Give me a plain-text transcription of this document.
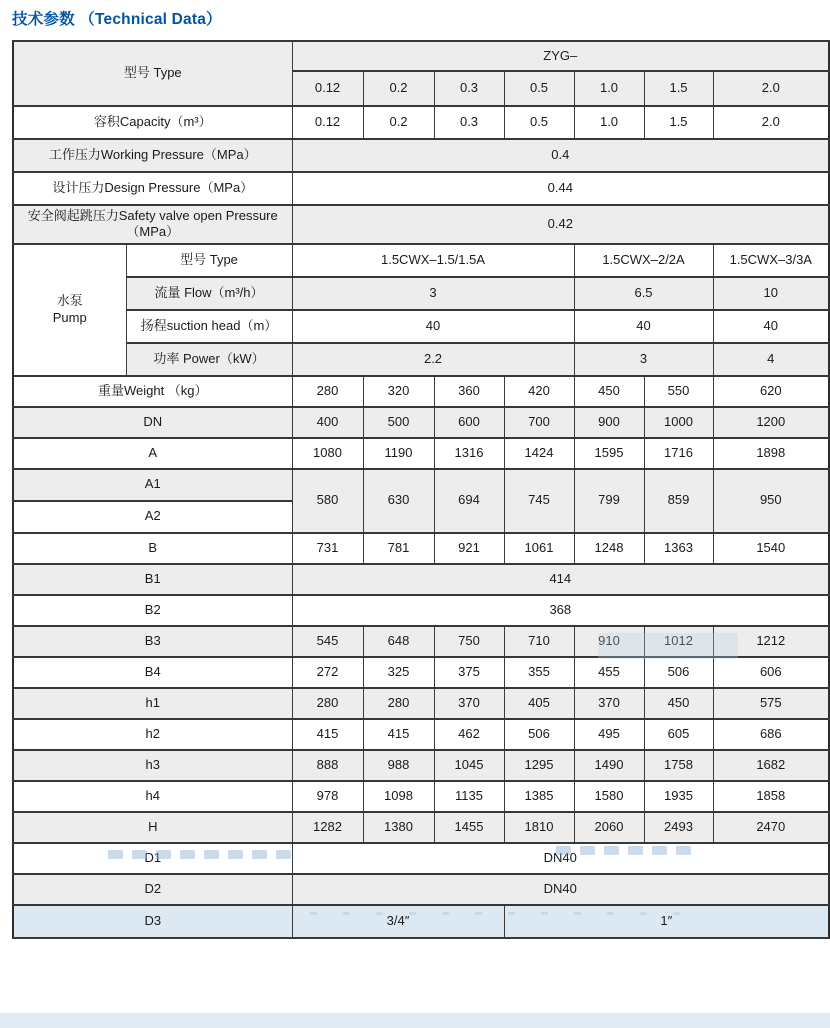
技术参数 （Technical Data）
型号 Type		ZYG–						
		0.12	0.2	0.3	0.5	1.0	1.5	2.0
容积Capacity（m³）		0.12	0.2	0.3	0.5	1.0	1.5	2.0
工作压力Working Pressure（MPa）		0.4						
设计压力Design Pressure（MPa）		0.44						
安全阀起跳压力Safety valve open Pressure（MPa）		0.42						
水泵
Pump	型号 Type	1.5CWX–1.5/1.5A				1.5CWX–2/2A		1.5CWX–3/3A
	流量 Flow（m³/h）	3				6.5		10
	扬程suction head（m）	40				40		40
	功率 Power（kW）	2.2				3		4
重量Weight （kg）		280	320	360	420	450	550	620
DN		400	500	600	700	900	1000	1200
A		1080	1190	1316	1424	1595	1716	1898
A1		580	630	694	745	799	859	950
A2								
B		731	781	921	1061	1248	1363	1540
B1		414						
B2		368						
B3		545	648	750	710	910	1012	1212
B4		272	325	375	355	455	506	606
h1		280	280	370	405	370	450	575
h2		415	415	462	506	495	605	686
h3		888	988	1045	1295	1490	1758	1682
h4		978	1098	1135	1385	1580	1935	1858
H		1282	1380	1455	1810	2060	2493	2470
D1		DN40						
D2		DN40						
D3		3/4″			1″			
